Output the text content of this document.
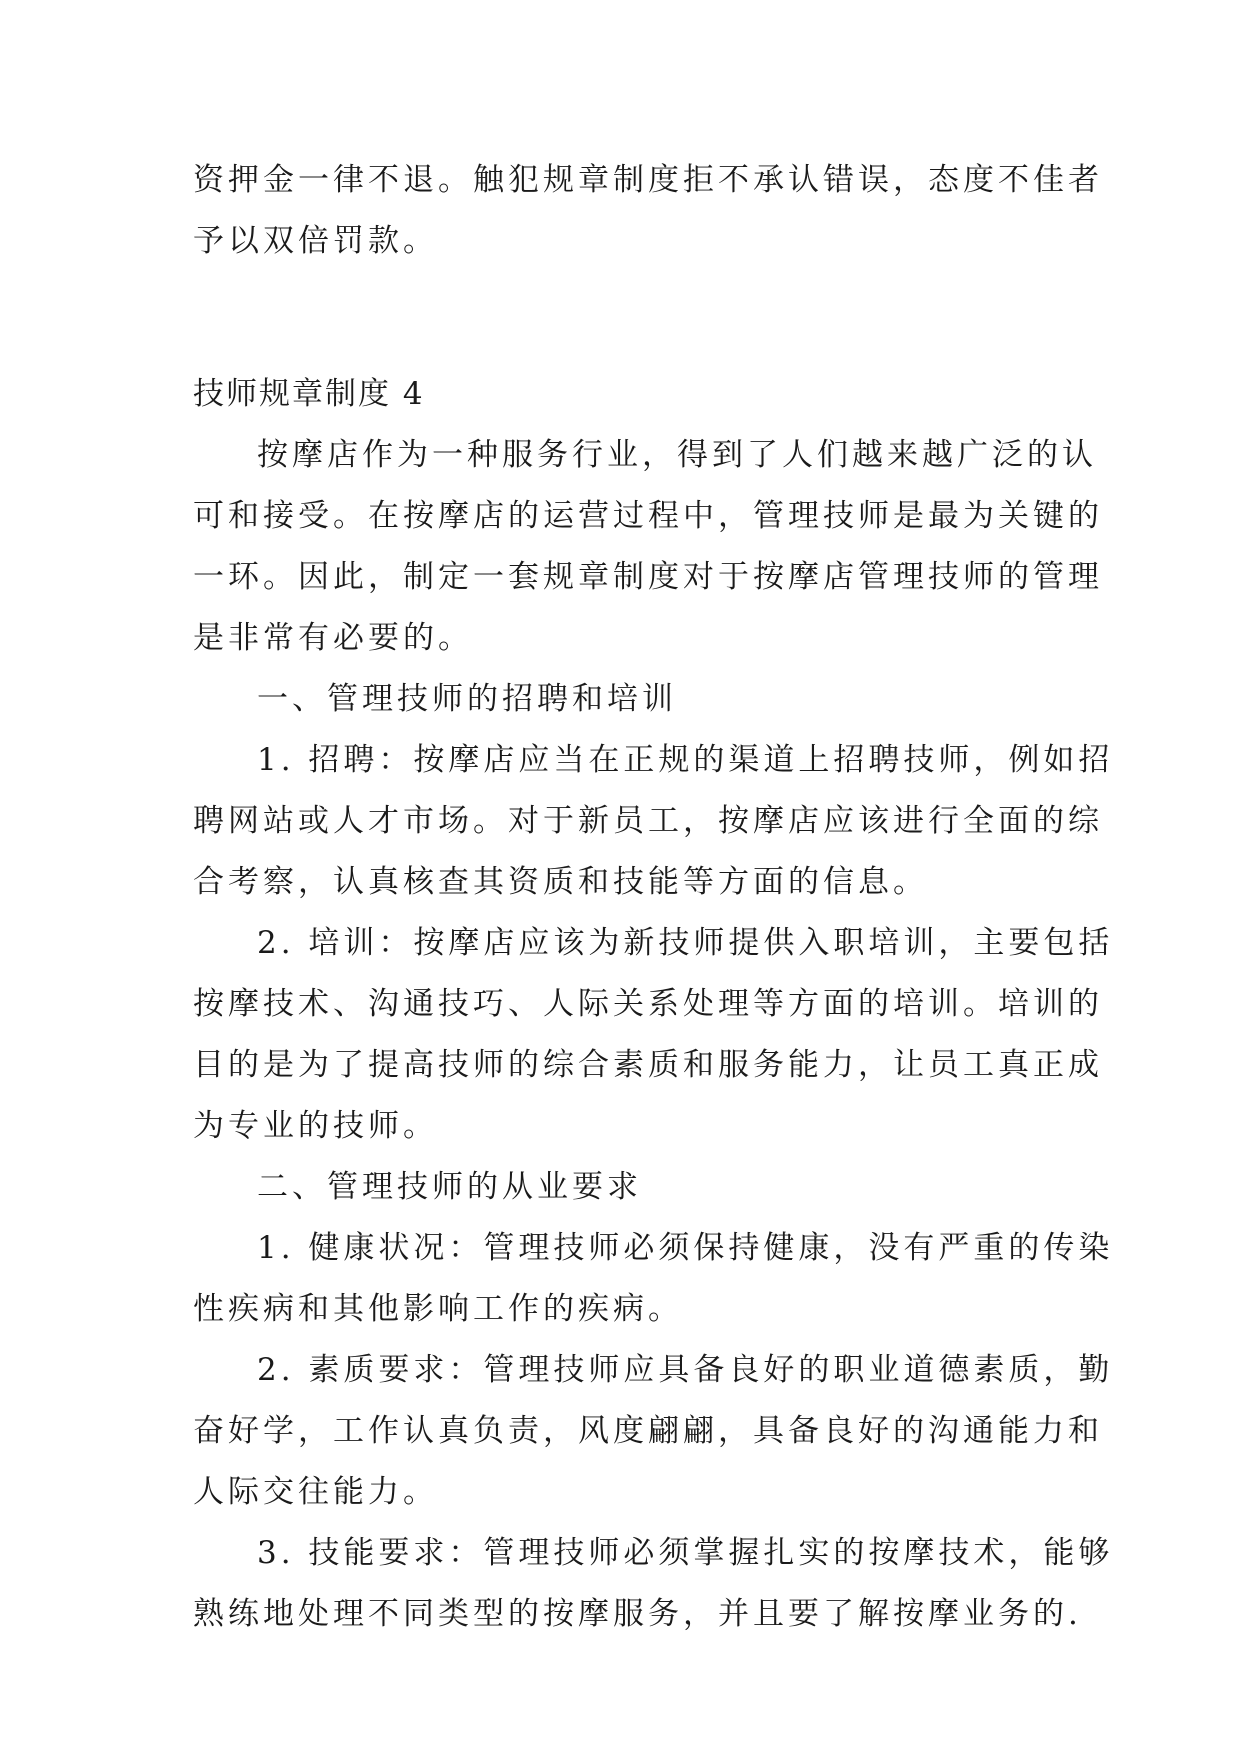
资押金一律不退。触犯规章制度拒不承认错误，态度不佳者

予以双倍罚款。

技师规章制度 4

按摩店作为一种服务行业，得到了人们越来越广泛的认

可和接受。在按摩店的运营过程中，管理技师是最为关键的

一环。因此，制定一套规章制度对于按摩店管理技师的管理

是非常有必要的。

一、管理技师的招聘和培训

1. 招聘：按摩店应当在正规的渠道上招聘技师，例如招

聘网站或人才市场。对于新员工，按摩店应该进行全面的综

合考察，认真核查其资质和技能等方面的信息。

2. 培训：按摩店应该为新技师提供入职培训，主要包括

按摩技术、沟通技巧、人际关系处理等方面的培训。培训的

目的是为了提高技师的综合素质和服务能力，让员工真正成

为专业的技师。

二、管理技师的从业要求

1. 健康状况：管理技师必须保持健康，没有严重的传染

性疾病和其他影响工作的疾病。

2. 素质要求：管理技师应具备良好的职业道德素质，勤

奋好学，工作认真负责，风度翩翩，具备良好的沟通能力和

人际交往能力。

3. 技能要求：管理技师必须掌握扎实的按摩技术，能够

熟练地处理不同类型的按摩服务，并且要了解按摩业务的.
